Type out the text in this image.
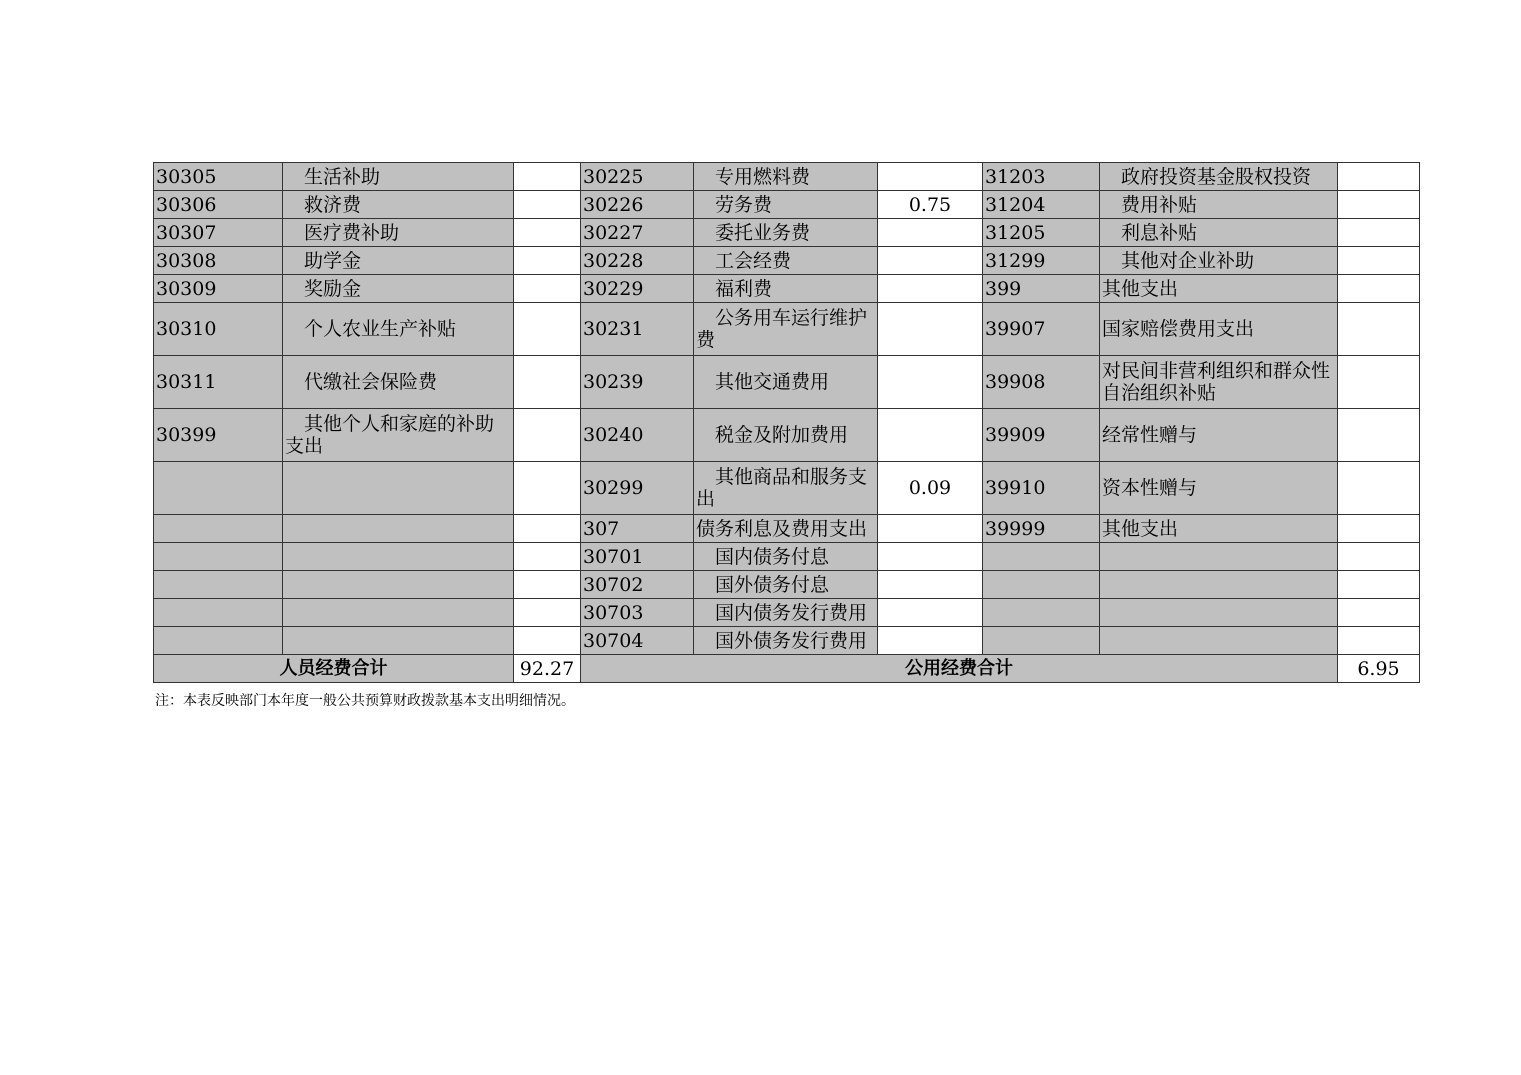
30305	　生活补助		30225	　专用燃料费		31203	　政府投资基金股权投资	
30306	　救济费		30226	　劳务费	0.75	31204	　费用补贴	
30307	　医疗费补助		30227	　委托业务费		31205	　利息补贴	
30308	　助学金		30228	　工会经费		31299	　其他对企业补助	
30309	　奖励金		30229	　福利费		399	其他支出	
30310	　个人农业生产补贴		30231	　公务用车运行维护费		39907	国家赔偿费用支出	
30311	　代缴社会保险费		30239	　其他交通费用		39908	对民间非营利组织和群众性自治组织补贴	
30399	　其他个人和家庭的补助支出		30240	　税金及附加费用		39909	经常性赠与	
			30299	　其他商品和服务支出	0.09	39910	资本性赠与	
			307	债务利息及费用支出		39999	其他支出	
			30701	　国内债务付息				
			30702	　国外债务付息				
			30703	　国内债务发行费用				
			30704	　国外债务发行费用				
人员经费合计		92.27	公用经费合计					6.95
注：本表反映部门本年度一般公共预算财政拨款基本支出明细情况。
